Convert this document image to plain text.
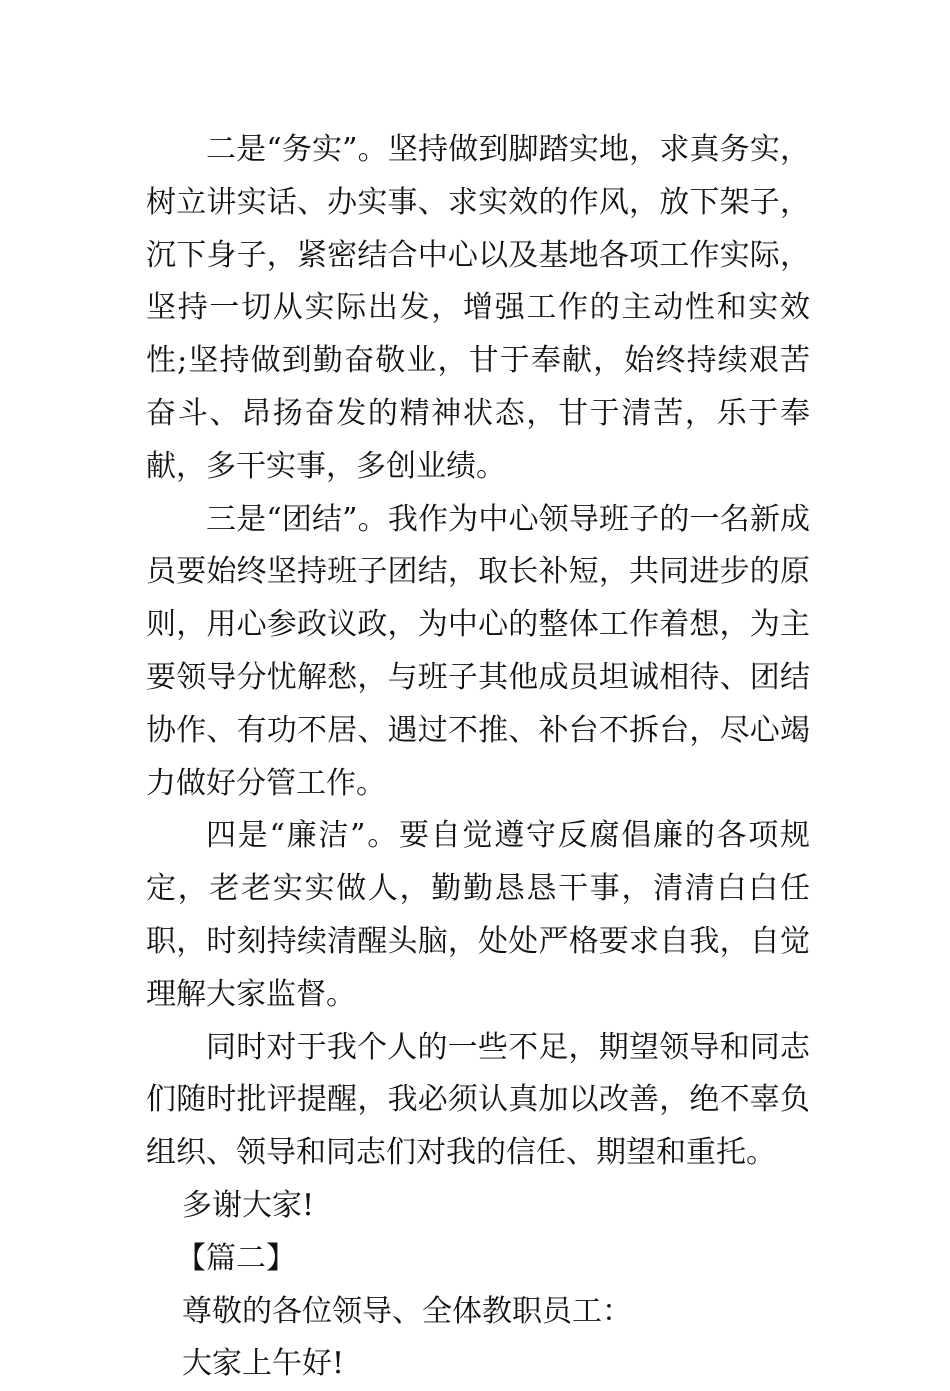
二是“务实”。坚持做到脚踏实地，求真务实，树立讲实话、办实事、求实效的作风，放下架子，沉下身子，紧密结合中心以及基地各项工作实际，坚持一切从实际出发，增强工作的主动性和实效性;坚持做到勤奋敬业，甘于奉献，始终持续艰苦奋斗、昂扬奋发的精神状态，甘于清苦，乐于奉献，多干实事，多创业绩。

三是“团结”。我作为中心领导班子的一名新成员要始终坚持班子团结，取长补短，共同进步的原则，用心参政议政，为中心的整体工作着想，为主要领导分忧解愁，与班子其他成员坦诚相待、团结协作、有功不居、遇过不推、补台不拆台，尽心竭力做好分管工作。

四是“廉洁”。要自觉遵守反腐倡廉的各项规定，老老实实做人，勤勤恳恳干事，清清白白任职，时刻持续清醒头脑，处处严格要求自我，自觉理解大家监督。

同时对于我个人的一些不足，期望领导和同志们随时批评提醒，我必须认真加以改善，绝不辜负组织、领导和同志们对我的信任、期望和重托。

多谢大家!

【篇二】

尊敬的各位领导、全体教职员工：

大家上午好!
